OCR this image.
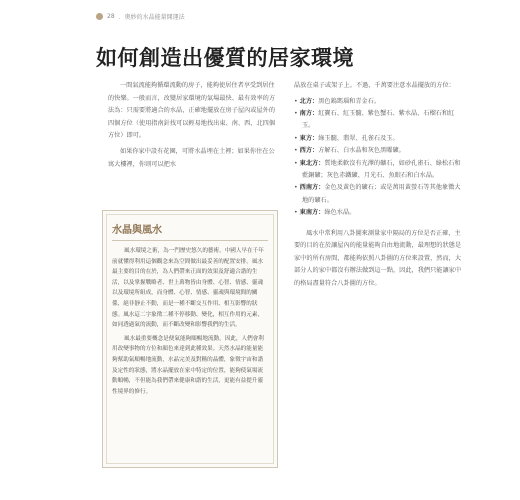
28 ．奧妙的水晶能量開運法
如何創造出優質的居家環境

一間氣流能夠循環流動的房子，能夠使居住者享受到居住的快樂。一般而言，改變居家環境的氣場最快、最有效率的方法為：只需要將適合的水晶，正確地擺放在房子屋內或屋外的四個方位（使用指南針找可以輕易地找出東、南、西、北四個方位）即可。

如果你家中設有花園，可將水晶埋在土裡；如果你住在公寓大樓裡，你則可以把水

水晶與風水

風水環境之術，為一門歷史悠久的藝術，中國人早在千年前就懂得利用這個觀念來為空間做出最妥善的配置安排。風水最主要的目的在於，為人們帶來正面的效果及舒適合諧的生活，以及掌握戰略者、世上萬物皆由身體、心智、情感、靈魂以及環境所組成，而身體、心智、情感、靈魂與環境間的關係，絕非靜止不動，而是一種不斷交互作用、相互影響的狀態。風水這二字象徵二種不停移動、變化，相互作用的元素，如同透過氣的流動，而不斷改變和影響我們的生活。

風水最重要概念是便氣能夠順暢地流動，因此，人們會利用改變事物的方位和顏色來達到此種效果。天然水晶的能量能夠幫助氣順暢地流動，水晶完美及對稱的晶體，象徵宇宙和諧及定性的狀態，將水晶擺放在家中特定的位置，能夠使氣場流動順暢，不但能為我們帶來健康和諧的生活，更能有益提升靈性境界的修行。

晶放在桌子或架子上。不過，千萬要注意水晶擺放的方位：

• 北方：黑色鎢瑪瑙和青金石。
• 南方：紅寶石、紅玉髓、紫色蟹石、紫水晶、石榴石和紅玉。
• 東方：綠玉髓、翡翠、孔雀石及玉。
• 西方：方解石、白水晶和灰色黑曜礦。
• 東北方：質地柔軟沒有光澤的礦石，如砂孔雀石、綠松石和藍銅礦；灰色赤鐵礦、月光石、魚眼石和白水晶。
• 西南方：金色及黃色的礦石；或是萬用黃螢石等其他象徵大地的礦石。
• 東南方：綠色水晶。

風水中常利用八卦圖來測量家中隔局的方位是否正確，主要的目的在於讓屋內的能量能夠自由地流動，最理想的狀態是家中的所有房間，都能夠依照八卦圖的方位來設置，然而，大部分人的家中都沒有辦法做到這一點，因此，我們只能讓家中的格局盡量符合八卦圖的方位。
